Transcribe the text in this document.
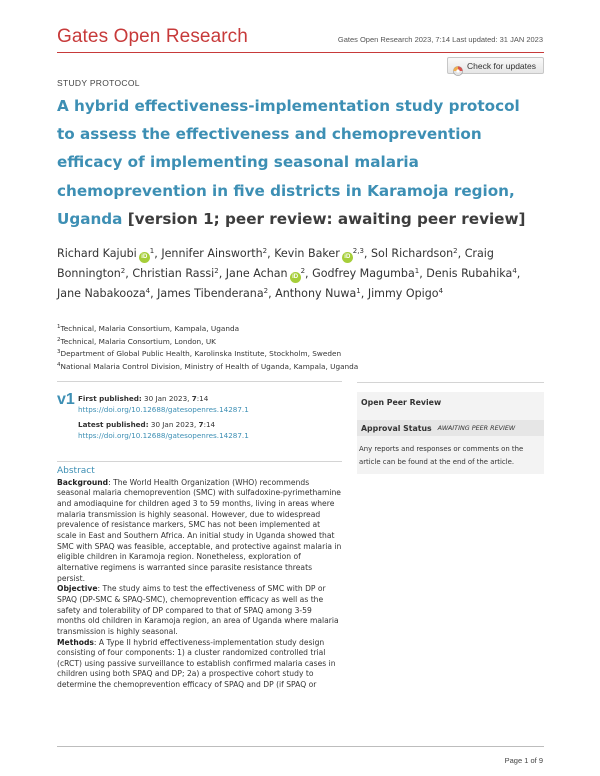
Gates Open Research	Gates Open Research 2023, 7:14 Last updated: 31 JAN 2023
Check for updates
STUDY PROTOCOL
A hybrid effectiveness-implementation study protocol to assess the effectiveness and chemoprevention efficacy of implementing seasonal malaria chemoprevention in five districts in Karamoja region, Uganda [version 1; peer review: awaiting peer review]
Richard Kajubi $iD^1$, Jennifer Ainsworth$^2$, Kevin Baker iD$^{2,3}$, Sol Richardson$^2$, Craig Bonnington$^2$, Christian Rassi$^2$, Jane Achan $iD^2$, Godfrey Magumba$^1$, Denis Rubahika$^4$, Jane Nabakooza$^4$, James Tibenderana$^2$, Anthony Nuwa$^1$, Jimmy Opigo$^4$
$^1$Technical, Malaria Consortium, Kampala, Uganda
$^2$Technical, Malaria Consortium, London, UK
$^3$Department of Global Public Health, Karolinska Institute, Stockholm, Sweden
$^4$National Malaria Control Division, Ministry of Health of Uganda, Kampala, Uganda
v1 First published: 30 Jan 2023, 7:14
https://doi.org/10.12688/gatesopenres.14287.1
Latest published: 30 Jan 2023, 7:14
https://doi.org/10.12688/gatesopenres.14287.1
Abstract

Background: The World Health Organization (WHO) recommends seasonal malaria chemoprevention (SMC) with sulfadoxine-pyrimethamine and amodiaquine for children aged 3 to 59 months, living in areas where malaria transmission is highly seasonal. However, due to widespread prevalence of resistance markers, SMC has not been implemented at scale in East and Southern Africa. An initial study in Uganda showed that SMC with SPAQ was feasible, acceptable, and protective against malaria in eligible children in Karamoja region. Nonetheless, exploration of alternative regimens is warranted since parasite resistance threats persist.

Objective: The study aims to test the effectiveness of SMC with DP or SPAQ (DP-SMC & SPAQ-SMC), chemoprevention efficacy as well as the safety and tolerability of DP compared to that of SPAQ among 3-59 months old children in Karamoja region, an area of Uganda where malaria transmission is highly seasonal.

Methods: A Type II hybrid effectiveness-implementation study design consisting of four components: 1) a cluster randomized controlled trial (cRCT) using passive surveillance to establish confirmed malaria cases in children using both SPAQ and DP; 2a) a prospective cohort study to determine the chemoprevention efficacy of SPAQ and DP (if SPAQ or

Open Peer Review
Approval Status AWAITING PEER REVIEW
Any reports and responses or comments on the article can be found at the end of the article.
Page 1 of 9
